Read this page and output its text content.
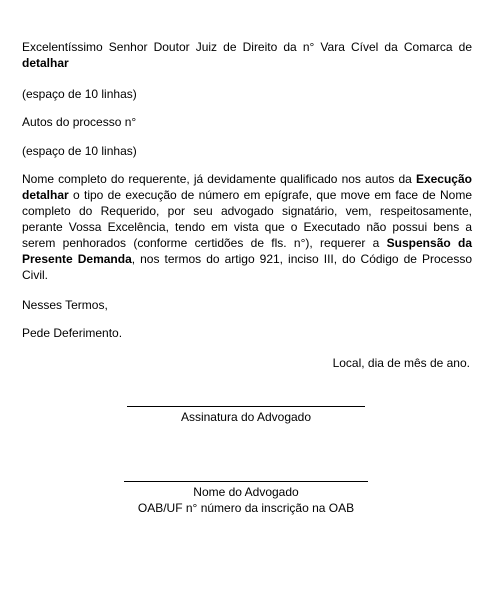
Excelentíssimo Senhor Doutor Juiz de Direito da n° Vara Cível da Comarca de detalhar

(espaço de 10 linhas)

Autos do processo n°

(espaço de 10 linhas)

Nome completo do requerente, já devidamente qualificado nos autos da Execução detalhar o tipo de execução de número em epígrafe, que move em face de Nome completo do Requerido, por seu advogado signatário, vem, respeitosamente, perante Vossa Excelência, tendo em vista que o Executado não possui bens a serem penhorados (conforme certidões de fls. n°), requerer a Suspensão da Presente Demanda, nos termos do artigo 921, inciso III, do Código de Processo Civil.

Nesses Termos,

Pede Deferimento.

Local, dia de mês de ano.

Assinatura do Advogado
Nome do Advogado
OAB/UF n° número da inscrição na OAB
